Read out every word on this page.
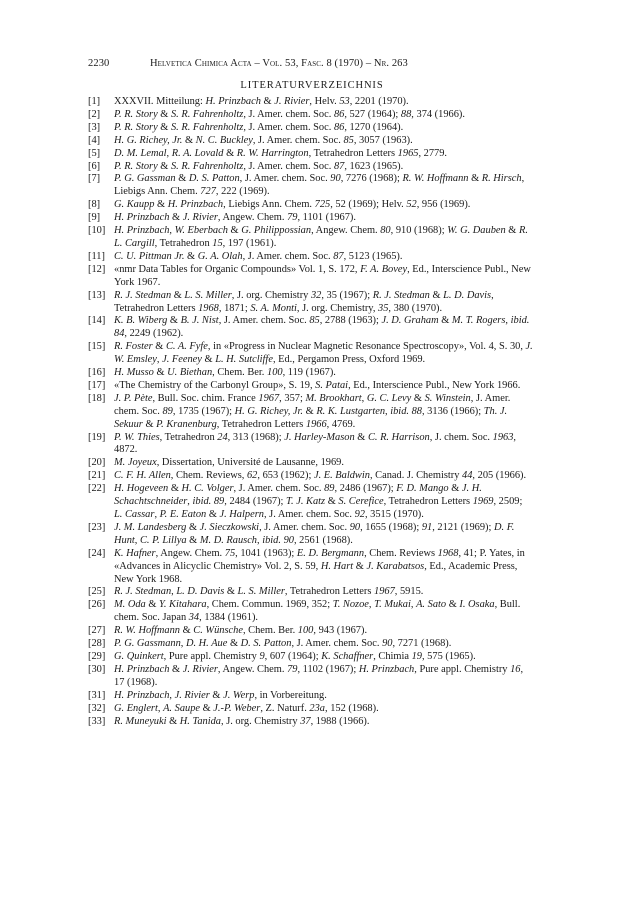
2230	Helvetica Chimica Acta – Vol. 53, Fasc. 8 (1970) – Nr. 263
LITERATURVERZEICHNIS
[1] XXXVII. Mitteilung: H. Prinzbach & J. Rivier, Helv. 53, 2201 (1970).
[2] P. R. Story & S. R. Fahrenholtz, J. Amer. chem. Soc. 86, 527 (1964); 88, 374 (1966).
[3] P. R. Story & S. R. Fahrenholtz, J. Amer. chem. Soc. 86, 1270 (1964).
[4] H. G. Richey, Jr. & N. C. Buckley, J. Amer. chem. Soc. 85, 3057 (1963).
[5] D. M. Lemal, R. A. Lovald & R. W. Harrington, Tetrahedron Letters 1965, 2779.
[6] P. R. Story & S. R. Fahrenholtz, J. Amer. chem. Soc. 87, 1623 (1965).
[7] P. G. Gassman & D. S. Patton, J. Amer. chem. Soc. 90, 7276 (1968); R. W. Hoffmann & R. Hirsch, Liebigs Ann. Chem. 727, 222 (1969).
[8] G. Kaupp & H. Prinzbach, Liebigs Ann. Chem. 725, 52 (1969); Helv. 52, 956 (1969).
[9] H. Prinzbach & J. Rivier, Angew. Chem. 79, 1101 (1967).
[10] H. Prinzbach, W. Eberbach & G. Philippossian, Angew. Chem. 80, 910 (1968); W. G. Dauben & R. L. Cargill, Tetrahedron 15, 197 (1961).
[11] C. U. Pittman Jr. & G. A. Olah, J. Amer. chem. Soc. 87, 5123 (1965).
[12] «nmr Data Tables for Organic Compounds» Vol. 1, S. 172, F. A. Bovey, Ed., Interscience Publ., New York 1967.
[13] R. J. Stedman & L. S. Miller, J. org. Chemistry 32, 35 (1967); R. J. Stedman & L. D. Davis, Tetrahedron Letters 1968, 1871; S. A. Monti, J. org. Chemistry, 35, 380 (1970).
[14] K. B. Wiberg & B. J. Nist, J. Amer. chem. Soc. 85, 2788 (1963); J. D. Graham & M. T. Rogers, ibid. 84, 2249 (1962).
[15] R. Foster & C. A. Fyfe, in «Progress in Nuclear Magnetic Resonance Spectroscopy», Vol. 4, S. 30, J. W. Emsley, J. Feeney & L. H. Sutcliffe, Ed., Pergamon Press, Oxford 1969.
[16] H. Musso & U. Biethan, Chem. Ber. 100, 119 (1967).
[17] «The Chemistry of the Carbonyl Group», S. 19, S. Patai, Ed., Interscience Publ., New York 1966.
[18] J. P. Pète, Bull. Soc. chim. France 1967, 357; M. Brookhart, G. C. Levy & S. Winstein, J. Amer. chem. Soc. 89, 1735 (1967); H. G. Richey, Jr. & R. K. Lustgarten, ibid. 88, 3136 (1966); Th. J. Sekuur & P. Kranenburg, Tetrahedron Letters 1966, 4769.
[19] P. W. Thies, Tetrahedron 24, 313 (1968); J. Harley-Mason & C. R. Harrison, J. chem. Soc. 1963, 4872.
[20] M. Joyeux, Dissertation, Université de Lausanne, 1969.
[21] C. F. H. Allen, Chem. Reviews, 62, 653 (1962); J. E. Baldwin, Canad. J. Chemistry 44, 205 (1966).
[22] H. Hogeveen & H. C. Volger, J. Amer. chem. Soc. 89, 2486 (1967); F. D. Mango & J. H. Schachtschneider, ibid. 89, 2484 (1967); T. J. Katz & S. Cerefice, Tetrahedron Letters 1969, 2509; L. Cassar, P. E. Eaton & J. Halpern, J. Amer. chem. Soc. 92, 3515 (1970).
[23] J. M. Landesberg & J. Sieczkowski, J. Amer. chem. Soc. 90, 1655 (1968); 91, 2121 (1969); D. F. Hunt, C. P. Lillya & M. D. Rausch, ibid. 90, 2561 (1968).
[24] K. Hafner, Angew. Chem. 75, 1041 (1963); E. D. Bergmann, Chem. Reviews 1968, 41; P. Yates, in «Advances in Alicyclic Chemistry» Vol. 2, S. 59, H. Hart & J. Karabatsos, Ed., Academic Press, New York 1968.
[25] R. J. Stedman, L. D. Davis & L. S. Miller, Tetrahedron Letters 1967, 5915.
[26] M. Oda & Y. Kitahara, Chem. Commun. 1969, 352; T. Nozoe, T. Mukai, A. Sato & I. Osaka, Bull. chem. Soc. Japan 34, 1384 (1961).
[27] R. W. Hoffmann & C. Wünsche, Chem. Ber. 100, 943 (1967).
[28] P. G. Gassmann, D. H. Aue & D. S. Patton, J. Amer. chem. Soc. 90, 7271 (1968).
[29] G. Quinkert, Pure appl. Chemistry 9, 607 (1964); K. Schaffner, Chimia 19, 575 (1965).
[30] H. Prinzbach & J. Rivier, Angew. Chem. 79, 1102 (1967); H. Prinzbach, Pure appl. Chemistry 16, 17 (1968).
[31] H. Prinzbach, J. Rivier & J. Werp, in Vorbereitung.
[32] G. Englert, A. Saupe & J.-P. Weber, Z. Naturf. 23a, 152 (1968).
[33] R. Muneyuki & H. Tanida, J. org. Chemistry 37, 1988 (1966).
